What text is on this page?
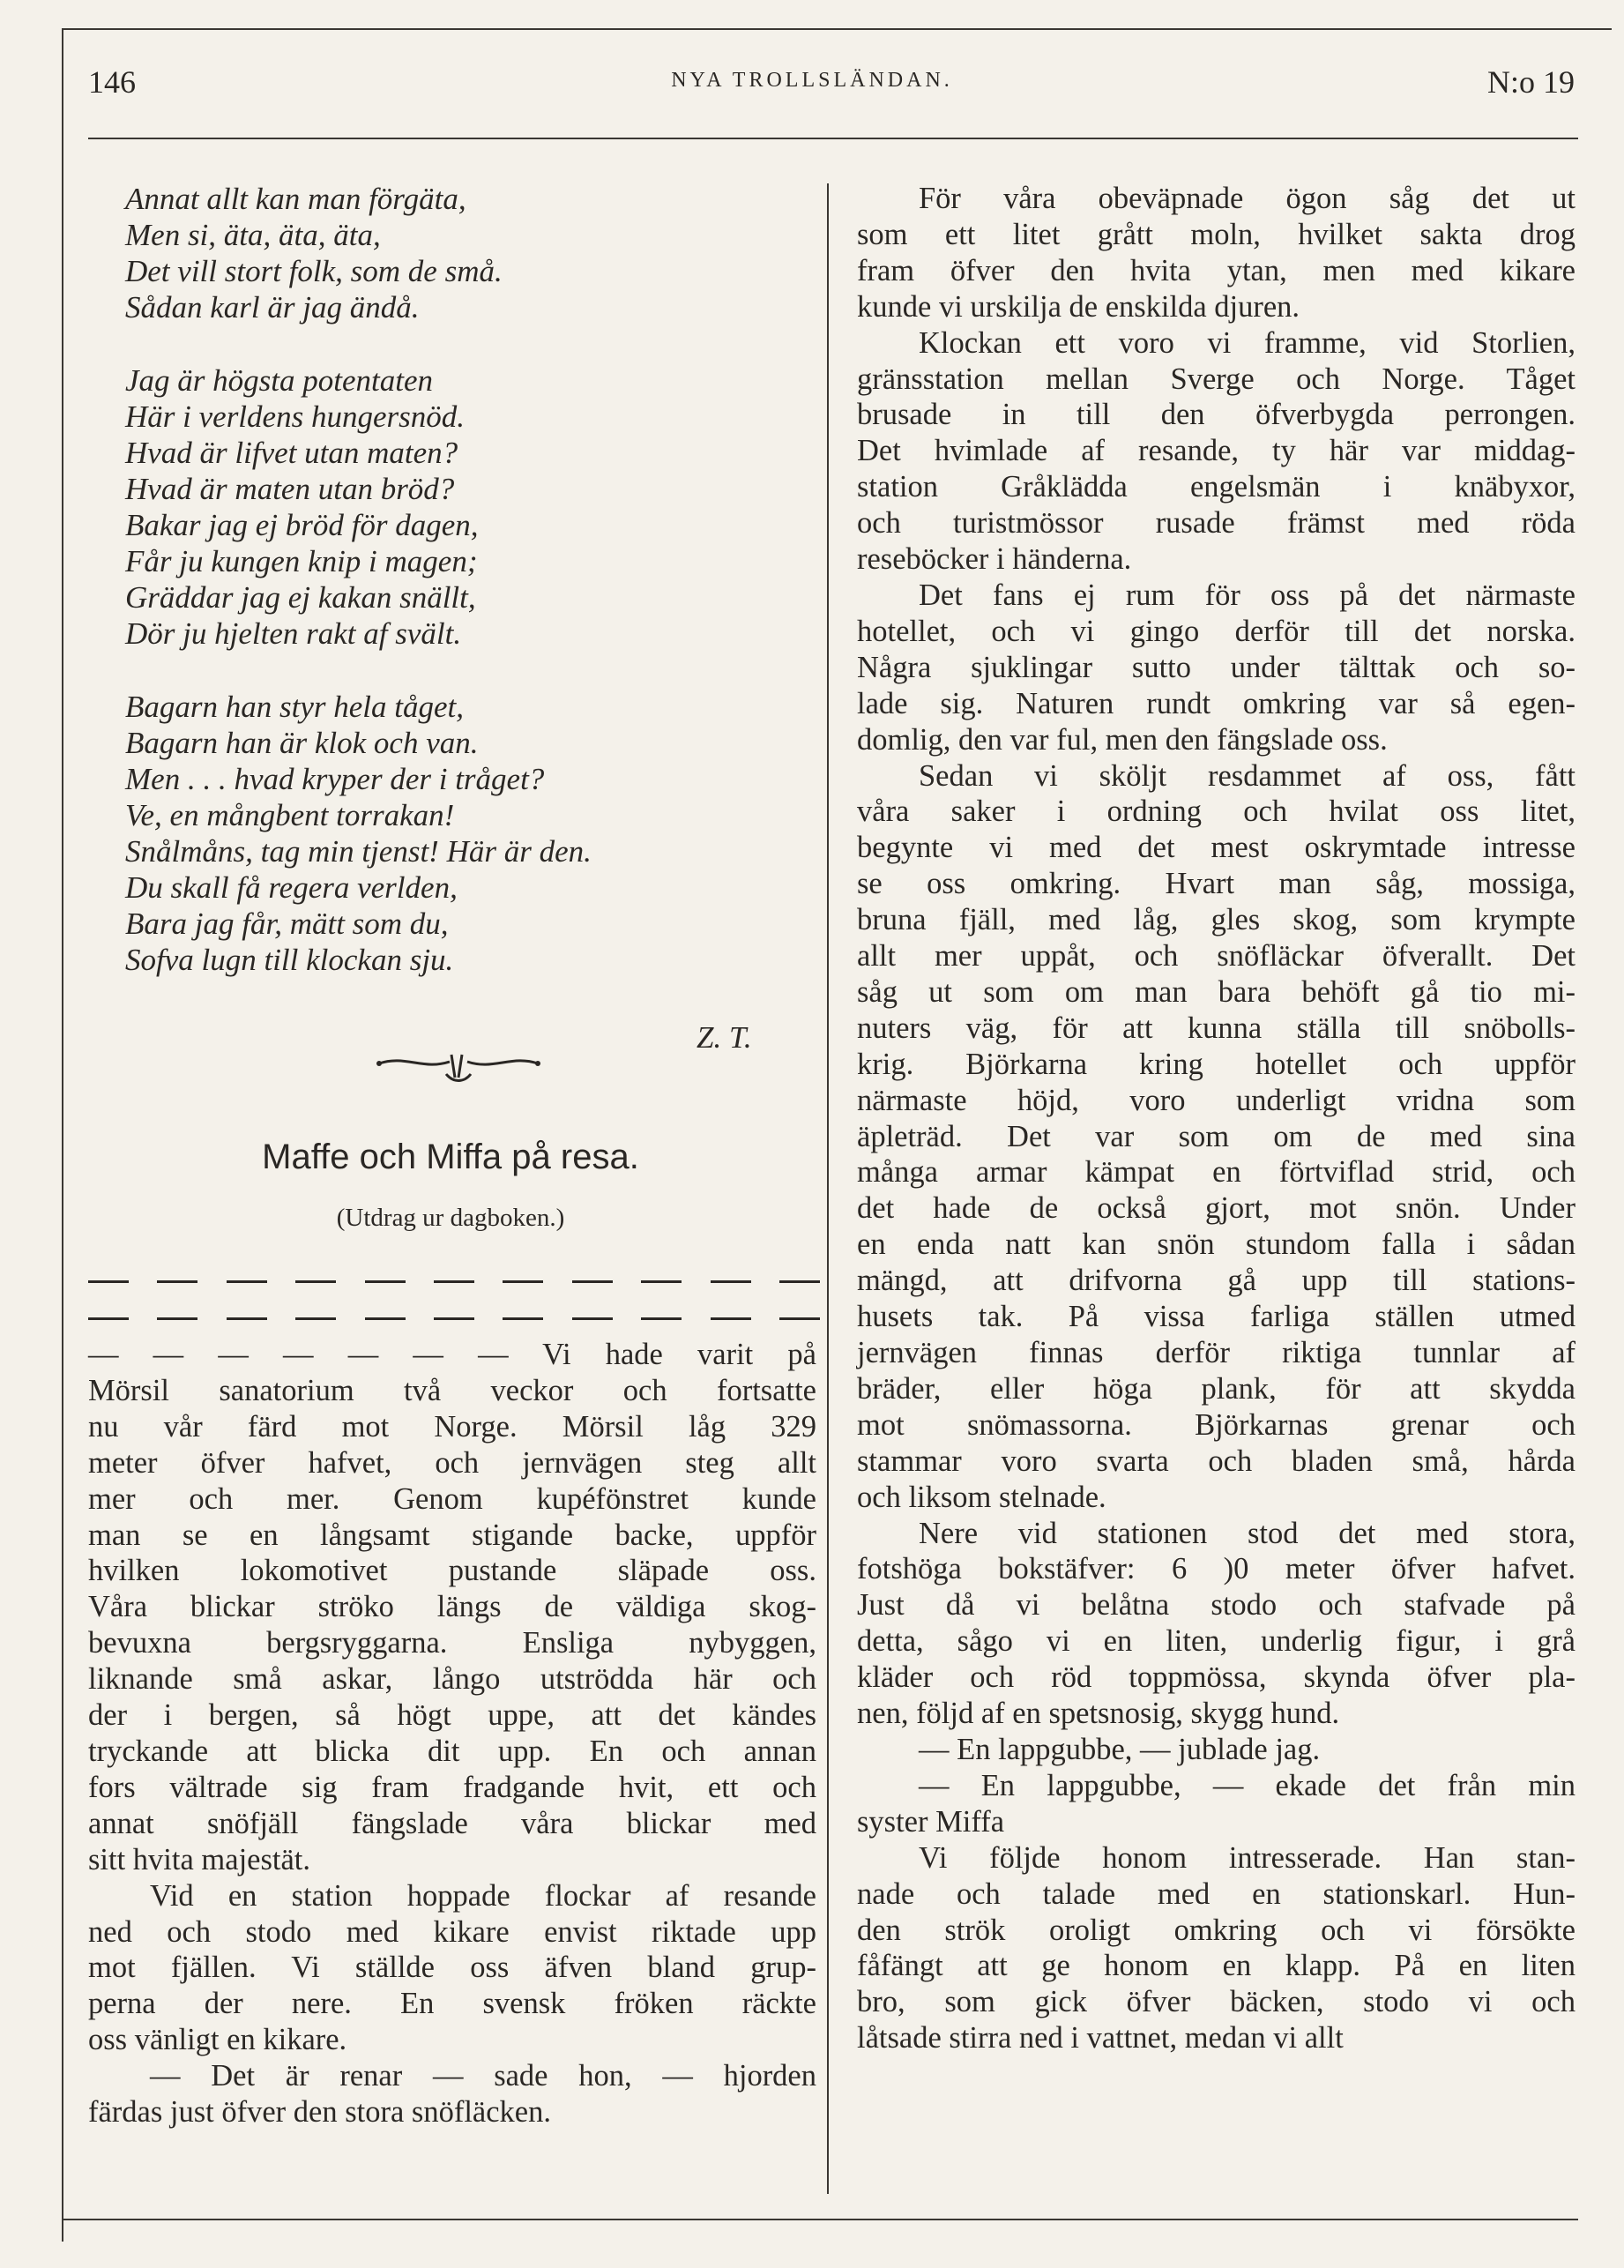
146	NYA TROLLSLÄNDAN.	N:o 19
Annat allt kan man förgäta,
Men si, äta, äta, äta,
Det vill stort folk, som de små.
Sådan karl är jag ändå.
Jag är högsta potentaten
Här i verldens hungersnöd.
Hvad är lifvet utan maten?
Hvad är maten utan bröd?
Bakar jag ej bröd för dagen,
Får ju kungen knip i magen;
Gräddar jag ej kakan snällt,
Dör ju hjelten rakt af svält.
Bagarn han styr hela tåget,
Bagarn han är klok och van.
Men . . . hvad kryper der i tråget?
Ve, en mångbent torrakan!
Snålmåns, tag min tjenst! Här är den.
Du skall få regera verlden,
Bara jag får, mätt som du,
Sofva lugn till klockan sju.
Z. T.
Maffe och Miffa på resa.
(Utdrag ur dagboken.)
— — — — — — — Vi hade varit på
Mörsil sanatorium två veckor och fortsatte
nu vår färd mot Norge. Mörsil låg 329
meter öfver hafvet, och jernvägen steg allt
mer och mer. Genom kupéfönstret kunde
man se en långsamt stigande backe, uppför
hvilken lokomotivet pustande släpade oss.
Våra blickar ströko längs de väldiga skog-
bevuxna bergsryggarna. Ensliga nybyggen,
liknande små askar, långo utströdda här och
der i bergen, så högt uppe, att det kändes
tryckande att blicka dit upp. En och annan
fors vältrade sig fram fradgande hvit, ett och
annat snöfjäll fängslade våra blickar med
sitt hvita majestät.
Vid en station hoppade flockar af resande
ned och stodo med kikare envist riktade upp
mot fjällen. Vi ställde oss äfven bland grup-
perna der nere. En svensk fröken räckte
oss vänligt en kikare.
— Det är renar — sade hon, — hjorden
färdas just öfver den stora snöfläcken.
För våra obeväpnade ögon såg det ut
som ett litet grått moln, hvilket sakta drog
fram öfver den hvita ytan, men med kikare
kunde vi urskilja de enskilda djuren.
Klockan ett voro vi framme, vid Storlien,
gränsstation mellan Sverge och Norge. Tåget
brusade in till den öfverbygda perrongen.
Det hvimlade af resande, ty här var middag-
station Gråklädda engelsmän i knäbyxor,
och turistmössor rusade främst med röda
reseböcker i händerna.
Det fans ej rum för oss på det närmaste
hotellet, och vi gingo derför till det norska.
Några sjuklingar sutto under tälttak och so-
lade sig. Naturen rundt omkring var så egen-
domlig, den var ful, men den fängslade oss.
Sedan vi sköljt resdammet af oss, fått
våra saker i ordning och hvilat oss litet,
begynte vi med det mest oskrymtade intresse
se oss omkring. Hvart man såg, mossiga,
bruna fjäll, med låg, gles skog, som krympte
allt mer uppåt, och snöfläckar öfverallt. Det
såg ut som om man bara behöft gå tio mi-
nuters väg, för att kunna ställa till snöbolls-
krig. Björkarna kring hotellet och uppför
närmaste höjd, voro underligt vridna som
äpleträd. Det var som om de med sina
många armar kämpat en förtviflad strid, och
det hade de också gjort, mot snön. Under
en enda natt kan snön stundom falla i sådan
mängd, att drifvorna gå upp till stations-
husets tak. På vissa farliga ställen utmed
jernvägen finnas derför riktiga tunnlar af
bräder, eller höga plank, för att skydda
mot snömassorna. Björkarnas grenar och
stammar voro svarta och bladen små, hårda
och liksom stelnade.
Nere vid stationen stod det med stora,
fotshöga bokstäfver: 6 )0 meter öfver hafvet.
Just då vi belåtna stodo och stafvade på
detta, sågo vi en liten, underlig figur, i grå
kläder och röd toppmössa, skynda öfver pla-
nen, följd af en spetsnosig, skygg hund.
— En lappgubbe, — jublade jag.
— En lappgubbe, — ekade det från min
syster Miffa
Vi följde honom intresserade. Han stan-
nade och talade med en stationskarl. Hun-
den strök oroligt omkring och vi försökte
fåfängt att ge honom en klapp. På en liten
bro, som gick öfver bäcken, stodo vi och
låtsade stirra ned i vattnet, medan vi allt
